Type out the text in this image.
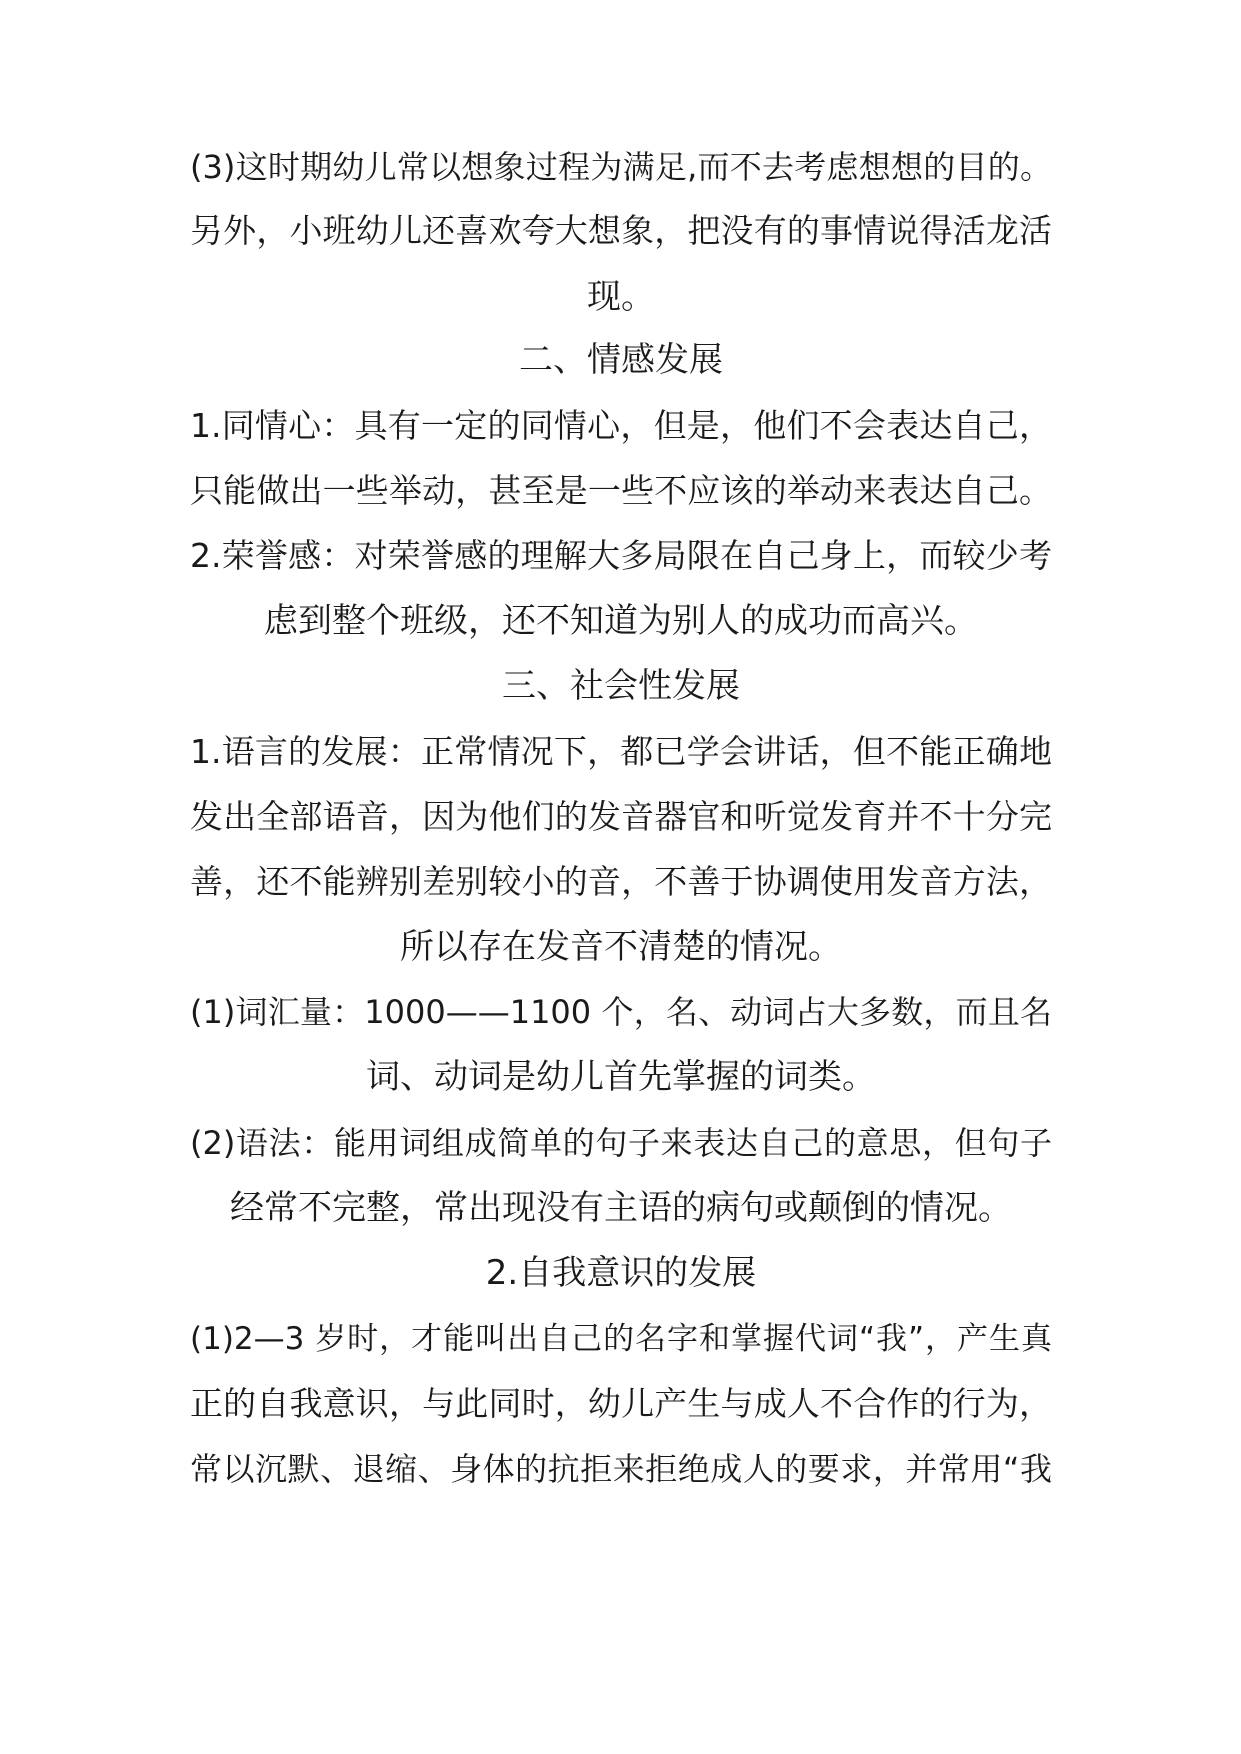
(3)这时期幼儿常以想象过程为满足,而不去考虑想想的目的。
另外，小班幼儿还喜欢夸大想象，把没有的事情说得活龙活
现。
二、情感发展
1.同情心：具有一定的同情心，但是，他们不会表达自己，
只能做出一些举动，甚至是一些不应该的举动来表达自己。
2.荣誉感：对荣誉感的理解大多局限在自己身上，而较少考
虑到整个班级，还不知道为别人的成功而高兴。
三、社会性发展
1.语言的发展：正常情况下，都已学会讲话，但不能正确地
发出全部语音，因为他们的发音器官和听觉发育并不十分完
善，还不能辨别差别较小的音，不善于协调使用发音方法，
所以存在发音不清楚的情况。
(1)词汇量：1000——1100 个，名、动词占大多数，而且名
词、动词是幼儿首先掌握的词类。
(2)语法：能用词组成简单的句子来表达自己的意思，但句子
经常不完整，常出现没有主语的病句或颠倒的情况。
2.自我意识的发展
(1)2—3 岁时，才能叫出自己的名字和掌握代词“我”，产生真
正的自我意识，与此同时，幼儿产生与成人不合作的行为，
常以沉默、退缩、身体的抗拒来拒绝成人的要求，并常用“我
